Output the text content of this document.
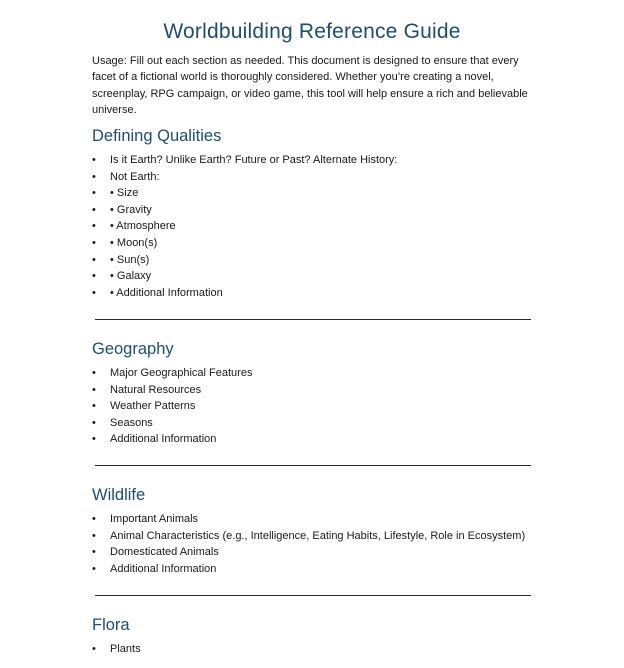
Worldbuilding Reference Guide
Usage: Fill out each section as needed. This document is designed to ensure that every facet of a fictional world is thoroughly considered. Whether you’re creating a novel, screenplay, RPG campaign, or video game, this tool will help ensure a rich and believable universe.
Defining Qualities
• Is it Earth? Unlike Earth? Future or Past? Alternate History:
• Not Earth:
• • Size
• • Gravity
• • Atmosphere
• • Moon(s)
• • Sun(s)
• • Galaxy
• • Additional Information
Geography
• Major Geographical Features
• Natural Resources
• Weather Patterns
• Seasons
• Additional Information
Wildlife
• Important Animals
• Animal Characteristics (e.g., Intelligence, Eating Habits, Lifestyle, Role in Ecosystem)
• Domesticated Animals
• Additional Information
Flora
• Plants
